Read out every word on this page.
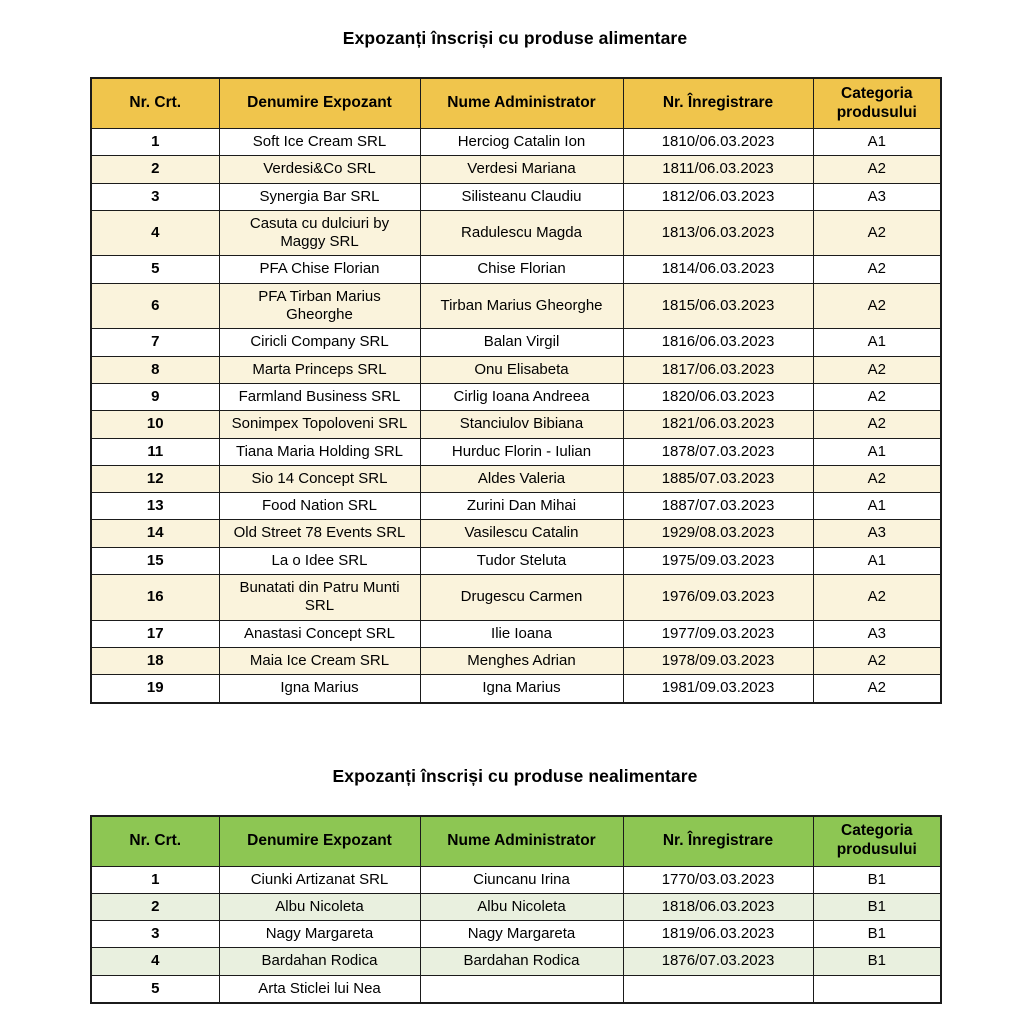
Expozanți înscriși cu produse alimentare
Nr. Crt.	Denumire Expozant	Nume Administrator	Nr. Înregistrare	Categoria produsului
1	Soft Ice Cream SRL	Herciog Catalin Ion	1810/06.03.2023	A1
2	Verdesi&Co SRL	Verdesi Mariana	1811/06.03.2023	A2
3	Synergia Bar SRL	Silisteanu Claudiu	1812/06.03.2023	A3
4	Casuta cu dulciuri by Maggy SRL	Radulescu Magda	1813/06.03.2023	A2
5	PFA Chise Florian	Chise Florian	1814/06.03.2023	A2
6	PFA Tirban Marius Gheorghe	Tirban Marius Gheorghe	1815/06.03.2023	A2
7	Ciricli Company SRL	Balan Virgil	1816/06.03.2023	A1
8	Marta Princeps SRL	Onu Elisabeta	1817/06.03.2023	A2
9	Farmland Business SRL	Cirlig Ioana Andreea	1820/06.03.2023	A2
10	Sonimpex Topoloveni SRL	Stanciulov Bibiana	1821/06.03.2023	A2
11	Tiana Maria Holding SRL	Hurduc Florin - Iulian	1878/07.03.2023	A1
12	Sio 14 Concept SRL	Aldes Valeria	1885/07.03.2023	A2
13	Food Nation SRL	Zurini Dan Mihai	1887/07.03.2023	A1
14	Old Street 78 Events SRL	Vasilescu Catalin	1929/08.03.2023	A3
15	La o Idee SRL	Tudor Steluta	1975/09.03.2023	A1
16	Bunatati din Patru Munti SRL	Drugescu Carmen	1976/09.03.2023	A2
17	Anastasi Concept SRL	Ilie Ioana	1977/09.03.2023	A3
18	Maia Ice Cream SRL	Menghes Adrian	1978/09.03.2023	A2
19	Igna Marius	Igna Marius	1981/09.03.2023	A2
Expozanți înscriși cu produse nealimentare
Nr. Crt.	Denumire Expozant	Nume Administrator	Nr. Înregistrare	Categoria produsului
1	Ciunki Artizanat SRL	Ciuncanu Irina	1770/03.03.2023	B1
2	Albu Nicoleta	Albu Nicoleta	1818/06.03.2023	B1
3	Nagy Margareta	Nagy Margareta	1819/06.03.2023	B1
4	Bardahan Rodica	Bardahan Rodica	1876/07.03.2023	B1
5	Arta Sticlei lui Nea			
